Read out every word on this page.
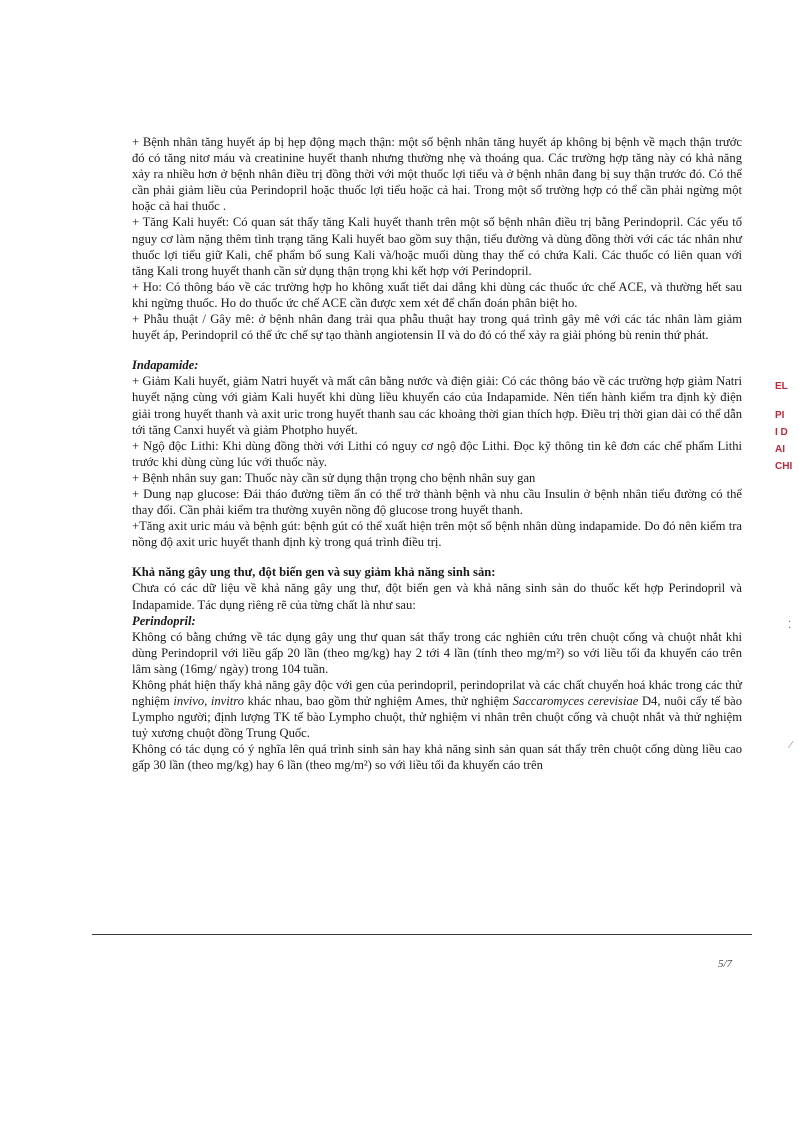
+ Bệnh nhân tăng huyết áp bị hẹp động mạch thận: một số bệnh nhân tăng huyết áp không bị bệnh về mạch thận trước đó có tăng nitơ máu và creatinine huyết thanh nhưng thường nhẹ và thoáng qua. Các trường hợp tăng này có khả năng xảy ra nhiều hơn ở bệnh nhân điều trị đồng thời với một thuốc lợi tiểu và ở bệnh nhân đang bị suy thận trước đó. Có thể cần phải giảm liều của Perindopril hoặc thuốc lợi tiểu hoặc cả hai. Trong một số trường hợp có thể cần phải ngừng một hoặc cả hai thuốc .

+ Tăng Kali huyết: Có quan sát thấy tăng Kali huyết thanh trên một số bệnh nhân điều trị bằng Perindopril. Các yếu tố nguy cơ làm nặng thêm tình trạng tăng Kali huyết bao gồm suy thận, tiểu đường và dùng đồng thời với các tác nhân như thuốc lợi tiểu giữ Kali, chế phẩm bổ sung Kali và/hoặc muối dùng thay thế có chứa Kali. Các thuốc có liên quan với tăng Kali trong huyết thanh cần sử dụng thận trọng khi kết hợp với Perindopril.

+ Ho: Có thông báo về các trường hợp ho không xuất tiết dai dẳng khi dùng các thuốc ức chế ACE, và thường hết sau khi ngừng thuốc. Ho do thuốc ức chế ACE cần được xem xét để chẩn đoán phân biệt ho.

+ Phẫu thuật / Gây mê: ở bệnh nhân đang trải qua phẫu thuật hay trong quá trình gây mê với các tác nhân làm giảm huyết áp, Perindopril có thể ức chế sự tạo thành angiotensin II và do đó có thể xảy ra giải phóng bù renin thứ phát.

Indapamide:

+ Giảm Kali huyết, giảm Natri huyết và mất cân bằng nước và điện giải: Có các thông báo về các trường hợp giảm Natri huyết nặng cùng với giảm Kali huyết khi dùng liều khuyến cáo của Indapamide. Nên tiến hành kiểm tra định kỳ điện giải trong huyết thanh và axit uric trong huyết thanh sau các khoảng thời gian thích hợp. Điều trị thời gian dài có thể dẫn tới tăng Canxi huyết và giảm Photpho huyết.

+ Ngộ độc Lithi: Khi dùng đồng thời với Lithi có nguy cơ ngộ độc Lithi. Đọc kỹ thông tin kê đơn các chế phẩm Lithi trước khi dùng cùng lúc với thuốc này.

+ Bệnh nhân suy gan: Thuốc này cần sử dụng thận trọng cho bệnh nhân suy gan

+ Dung nạp glucose: Đái tháo đường tiềm ẩn có thể trở thành bệnh và nhu cầu Insulin ở bệnh nhân tiểu đường có thể thay đổi. Cần phải kiểm tra thường xuyên nồng độ glucose trong huyết thanh.

+Tăng axit uric máu và bệnh gút: bệnh gút có thể xuất hiện trên một số bệnh nhân dùng indapamide. Do đó nên kiểm tra nồng độ axit uric huyết thanh định kỳ trong quá trình điều trị.

Khả năng gây ung thư, đột biến gen và suy giảm khả năng sinh sản:

Chưa có các dữ liệu về khả năng gây ung thư, đột biến gen và khả năng sinh sản do thuốc kết hợp Perindopril và Indapamide. Tác dụng riêng rẽ của từng chất là như sau:

Perindopril:

Không có bằng chứng về tác dụng gây ung thư quan sát thấy trong các nghiên cứu trên chuột cống và chuột nhắt khi dùng Perindopril với liều gấp 20 lần (theo mg/kg) hay 2 tới 4 lần (tính theo mg/m²) so với liều tối đa khuyến cáo trên lâm sàng (16mg/ ngày) trong 104 tuần.

Không phát hiện thấy khả năng gây độc với gen của perindopril, perindoprilat và các chất chuyển hoá khác trong các thử nghiệm invivo, invitro khác nhau, bao gồm thử nghiệm Ames, thử nghiệm Saccaromyces cerevisiae D4, nuôi cấy tế bào Lympho người; định lượng TK tế bào Lympho chuột, thử nghiệm vi nhân trên chuột cống và chuột nhắt và thử nghiệm tuỷ xương chuột đồng Trung Quốc.

Không có tác dụng có ý nghĩa lên quá trình sinh sản hay khả năng sinh sản quan sát thấy trên chuột cống dùng liều cao gấp 30 lần (theo mg/kg) hay 6 lần (theo mg/m²) so với liều tối đa khuyến cáo trên

5/7
EL
PI
I D
AI
CHI
⁚
⁄
